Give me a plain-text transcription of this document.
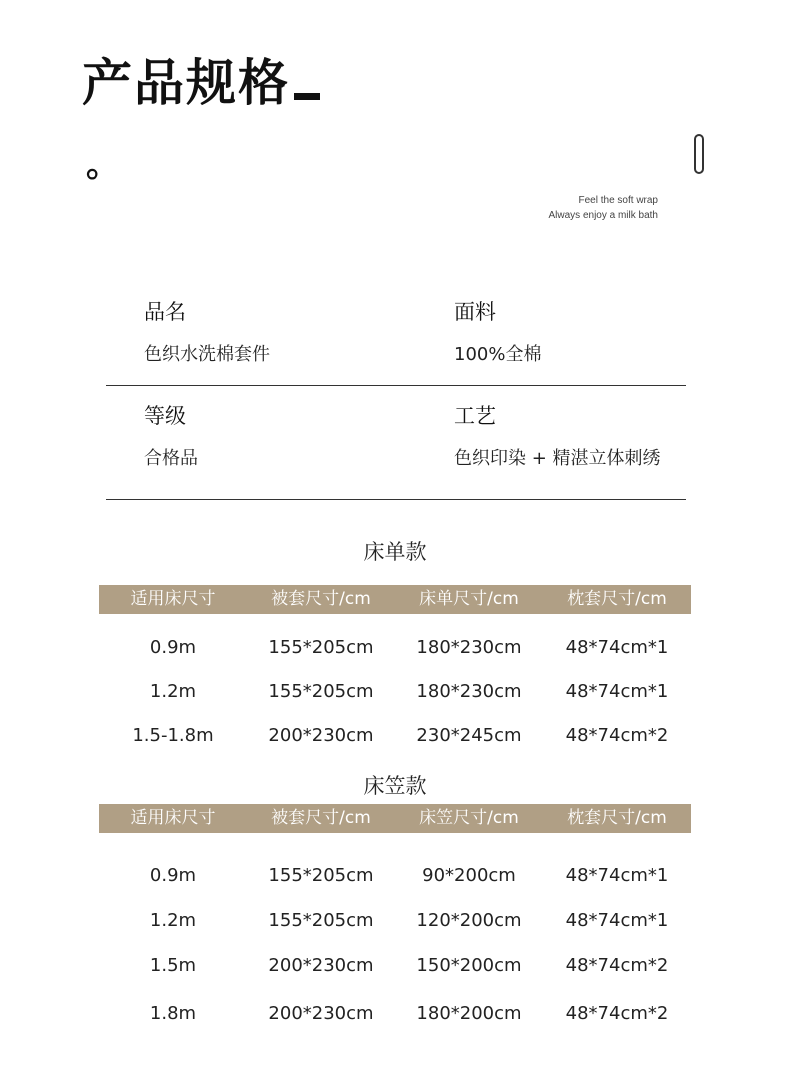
产品规格
。
Feel the soft wrap
Always enjoy a milk bath
品名
色织水洗棉套件
面料
100%全棉
等级
合格品
工艺
色织印染 + 精湛立体刺绣
床单款
适用床尺寸	被套尺寸/cm	床单尺寸/cm	枕套尺寸/cm
0.9m	155*205cm	180*230cm	48*74cm*1
1.2m	155*205cm	180*230cm	48*74cm*1
1.5-1.8m	200*230cm	230*245cm	48*74cm*2
床笠款
适用床尺寸	被套尺寸/cm	床笠尺寸/cm	枕套尺寸/cm
0.9m	155*205cm	90*200cm	48*74cm*1
1.2m	155*205cm	120*200cm	48*74cm*1
1.5m	200*230cm	150*200cm	48*74cm*2
1.8m	200*230cm	180*200cm	48*74cm*2
